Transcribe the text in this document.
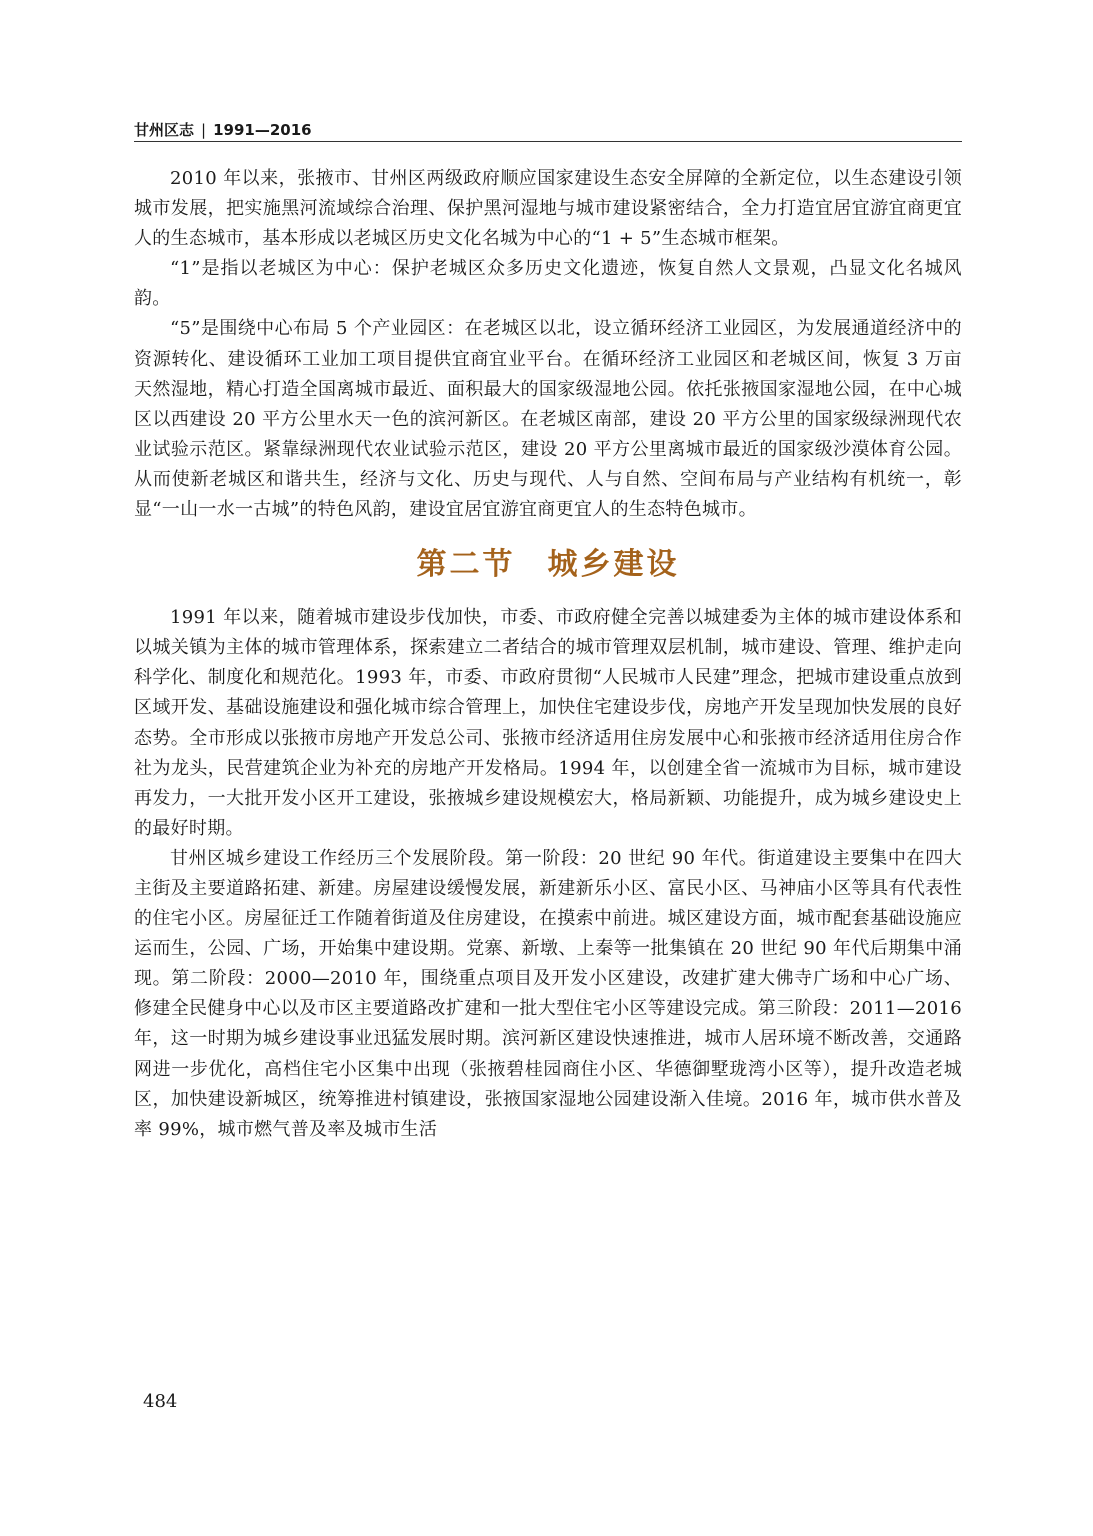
甘州区志 | 1991—2016

2010 年以来，张掖市、甘州区两级政府顺应国家建设生态安全屏障的全新定位，以生态建设引领城市发展，把实施黑河流域综合治理、保护黑河湿地与城市建设紧密结合，全力打造宜居宜游宜商更宜人的生态城市，基本形成以老城区历史文化名城为中心的“1 + 5”生态城市框架。

“1”是指以老城区为中心：保护老城区众多历史文化遗迹，恢复自然人文景观，凸显文化名城风韵。

“5”是围绕中心布局 5 个产业园区：在老城区以北，设立循环经济工业园区，为发展通道经济中的资源转化、建设循环工业加工项目提供宜商宜业平台。在循环经济工业园区和老城区间，恢复 3 万亩天然湿地，精心打造全国离城市最近、面积最大的国家级湿地公园。依托张掖国家湿地公园，在中心城区以西建设 20 平方公里水天一色的滨河新区。在老城区南部，建设 20 平方公里的国家级绿洲现代农业试验示范区。紧靠绿洲现代农业试验示范区，建设 20 平方公里离城市最近的国家级沙漠体育公园。从而使新老城区和谐共生，经济与文化、历史与现代、人与自然、空间布局与产业结构有机统一，彰显“一山一水一古城”的特色风韵，建设宜居宜游宜商更宜人的生态特色城市。

第二节 城乡建设

1991 年以来，随着城市建设步伐加快，市委、市政府健全完善以城建委为主体的城市建设体系和以城关镇为主体的城市管理体系，探索建立二者结合的城市管理双层机制，城市建设、管理、维护走向科学化、制度化和规范化。1993 年，市委、市政府贯彻“人民城市人民建”理念，把城市建设重点放到区域开发、基础设施建设和强化城市综合管理上，加快住宅建设步伐，房地产开发呈现加快发展的良好态势。全市形成以张掖市房地产开发总公司、张掖市经济适用住房发展中心和张掖市经济适用住房合作社为龙头，民营建筑企业为补充的房地产开发格局。1994 年，以创建全省一流城市为目标，城市建设再发力，一大批开发小区开工建设，张掖城乡建设规模宏大，格局新颖、功能提升，成为城乡建设史上的最好时期。

甘州区城乡建设工作经历三个发展阶段。第一阶段：20 世纪 90 年代。街道建设主要集中在四大主街及主要道路拓建、新建。房屋建设缓慢发展，新建新乐小区、富民小区、马神庙小区等具有代表性的住宅小区。房屋征迁工作随着街道及住房建设，在摸索中前进。城区建设方面，城市配套基础设施应运而生，公园、广场，开始集中建设期。党寨、新墩、上秦等一批集镇在 20 世纪 90 年代后期集中涌现。第二阶段：2000—2010 年，围绕重点项目及开发小区建设，改建扩建大佛寺广场和中心广场、修建全民健身中心以及市区主要道路改扩建和一批大型住宅小区等建设完成。第三阶段：2011—2016 年，这一时期为城乡建设事业迅猛发展时期。滨河新区建设快速推进，城市人居环境不断改善，交通路网进一步优化，高档住宅小区集中出现（张掖碧桂园商住小区、华德御墅珑湾小区等），提升改造老城区，加快建设新城区，统筹推进村镇建设，张掖国家湿地公园建设渐入佳境。2016 年，城市供水普及率 99%，城市燃气普及率及城市生活

484
